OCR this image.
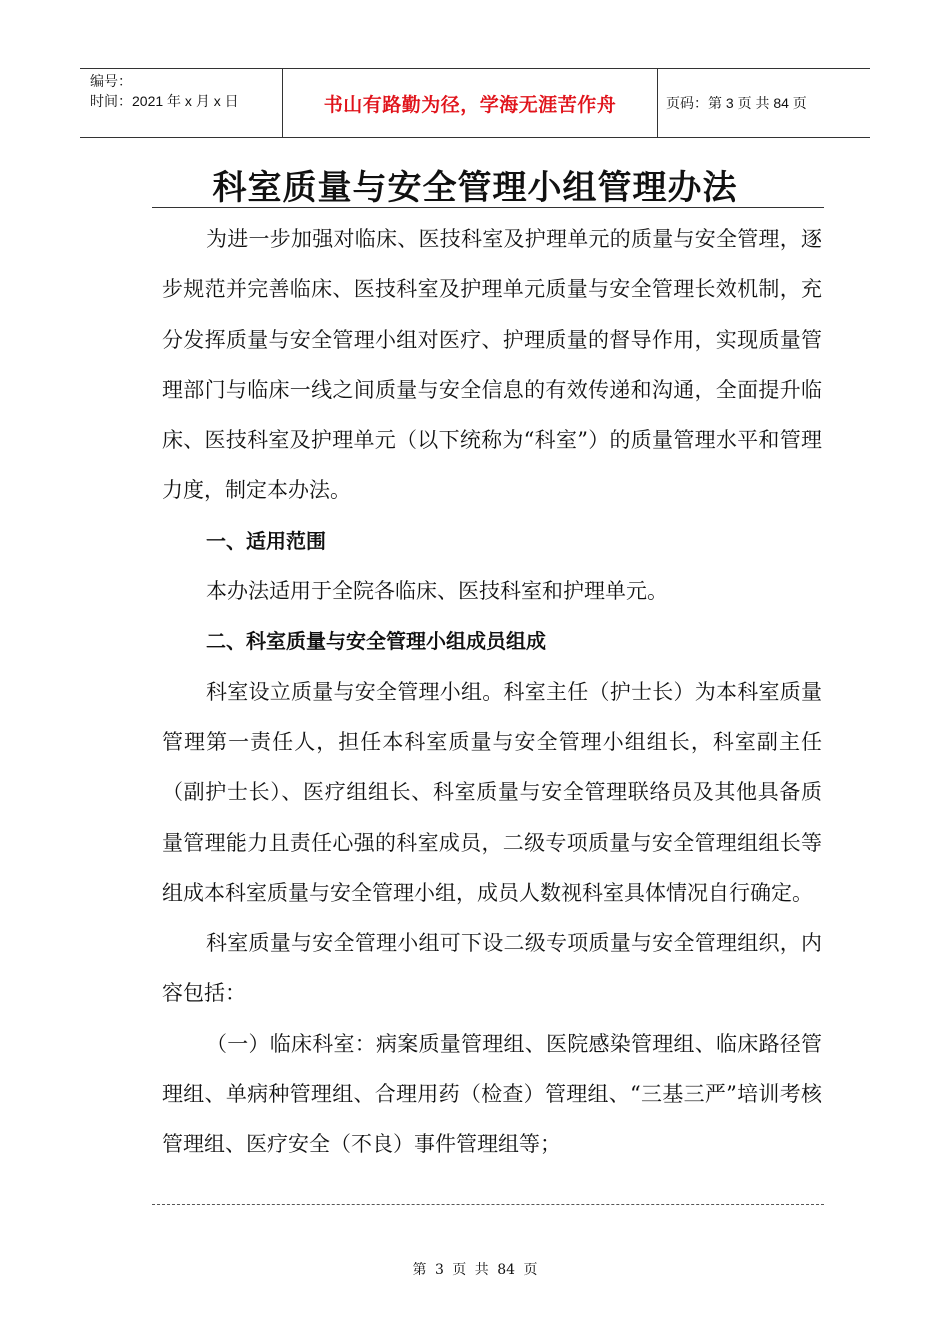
编号：
时间：2021 年 x 月 x 日	书山有路勤为径，学海无涯苦作舟	页码：第 3 页 共 84 页
科室质量与安全管理小组管理办法

为进一步加强对临床、医技科室及护理单元的质量与安全管理，逐步规范并完善临床、医技科室及护理单元质量与安全管理长效机制，充分发挥质量与安全管理小组对医疗、护理质量的督导作用，实现质量管理部门与临床一线之间质量与安全信息的有效传递和沟通，全面提升临床、医技科室及护理单元（以下统称为“科室”）的质量管理水平和管理力度，制定本办法。

一、适用范围

本办法适用于全院各临床、医技科室和护理单元。

二、科室质量与安全管理小组成员组成

科室设立质量与安全管理小组。科室主任（护士长）为本科室质量管理第一责任人，担任本科室质量与安全管理小组组长，科室副主任（副护士长）、医疗组组长、科室质量与安全管理联络员及其他具备质量管理能力且责任心强的科室成员，二级专项质量与安全管理组组长等组成本科室质量与安全管理小组，成员人数视科室具体情况自行确定。

科室质量与安全管理小组可下设二级专项质量与安全管理组织，内容包括：

（一）临床科室：病案质量管理组、医院感染管理组、临床路径管理组、单病种管理组、合理用药（检查）管理组、“三基三严”培训考核管理组、医疗安全（不良）事件管理组等；

第 3 页 共 84 页
